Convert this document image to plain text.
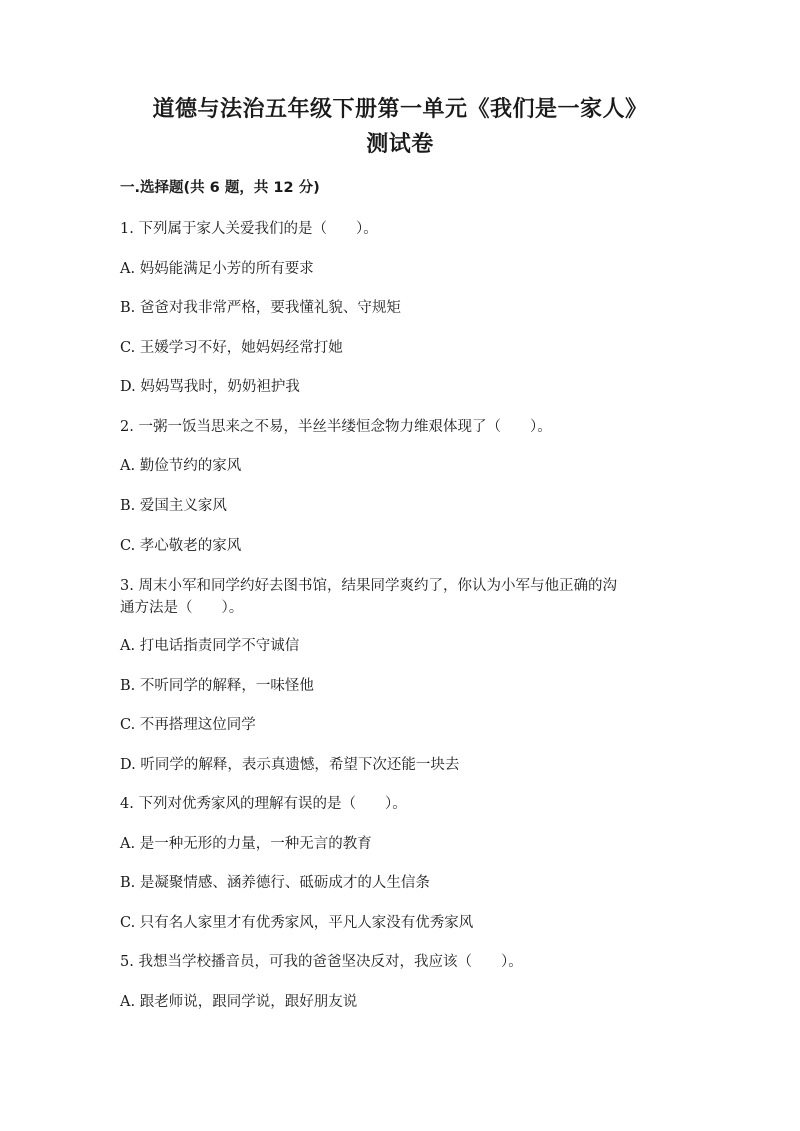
道德与法治五年级下册第一单元《我们是一家人》
测试卷
一.选择题(共 6 题，共 12 分)
1. 下列属于家人关爱我们的是（　　）。
A. 妈妈能满足小芳的所有要求
B. 爸爸对我非常严格，要我懂礼貌、守规矩
C. 王媛学习不好，她妈妈经常打她
D. 妈妈骂我时，奶奶袒护我
2. 一粥一饭当思来之不易，半丝半缕恒念物力维艰体现了（　　）。
A. 勤俭节约的家风
B. 爱国主义家风
C. 孝心敬老的家风
3. 周末小军和同学约好去图书馆，结果同学爽约了，你认为小军与他正确的沟
通方法是（　　）。
A. 打电话指责同学不守诚信
B. 不听同学的解释，一味怪他
C. 不再搭理这位同学
D. 听同学的解释，表示真遗憾，希望下次还能一块去
4. 下列对优秀家风的理解有误的是（　　）。
A. 是一种无形的力量，一种无言的教育
B. 是凝聚情感、涵养德行、砥砺成才的人生信条
C. 只有名人家里才有优秀家风，平凡人家没有优秀家风
5. 我想当学校播音员，可我的爸爸坚决反对，我应该（　　）。
A. 跟老师说，跟同学说，跟好朋友说
